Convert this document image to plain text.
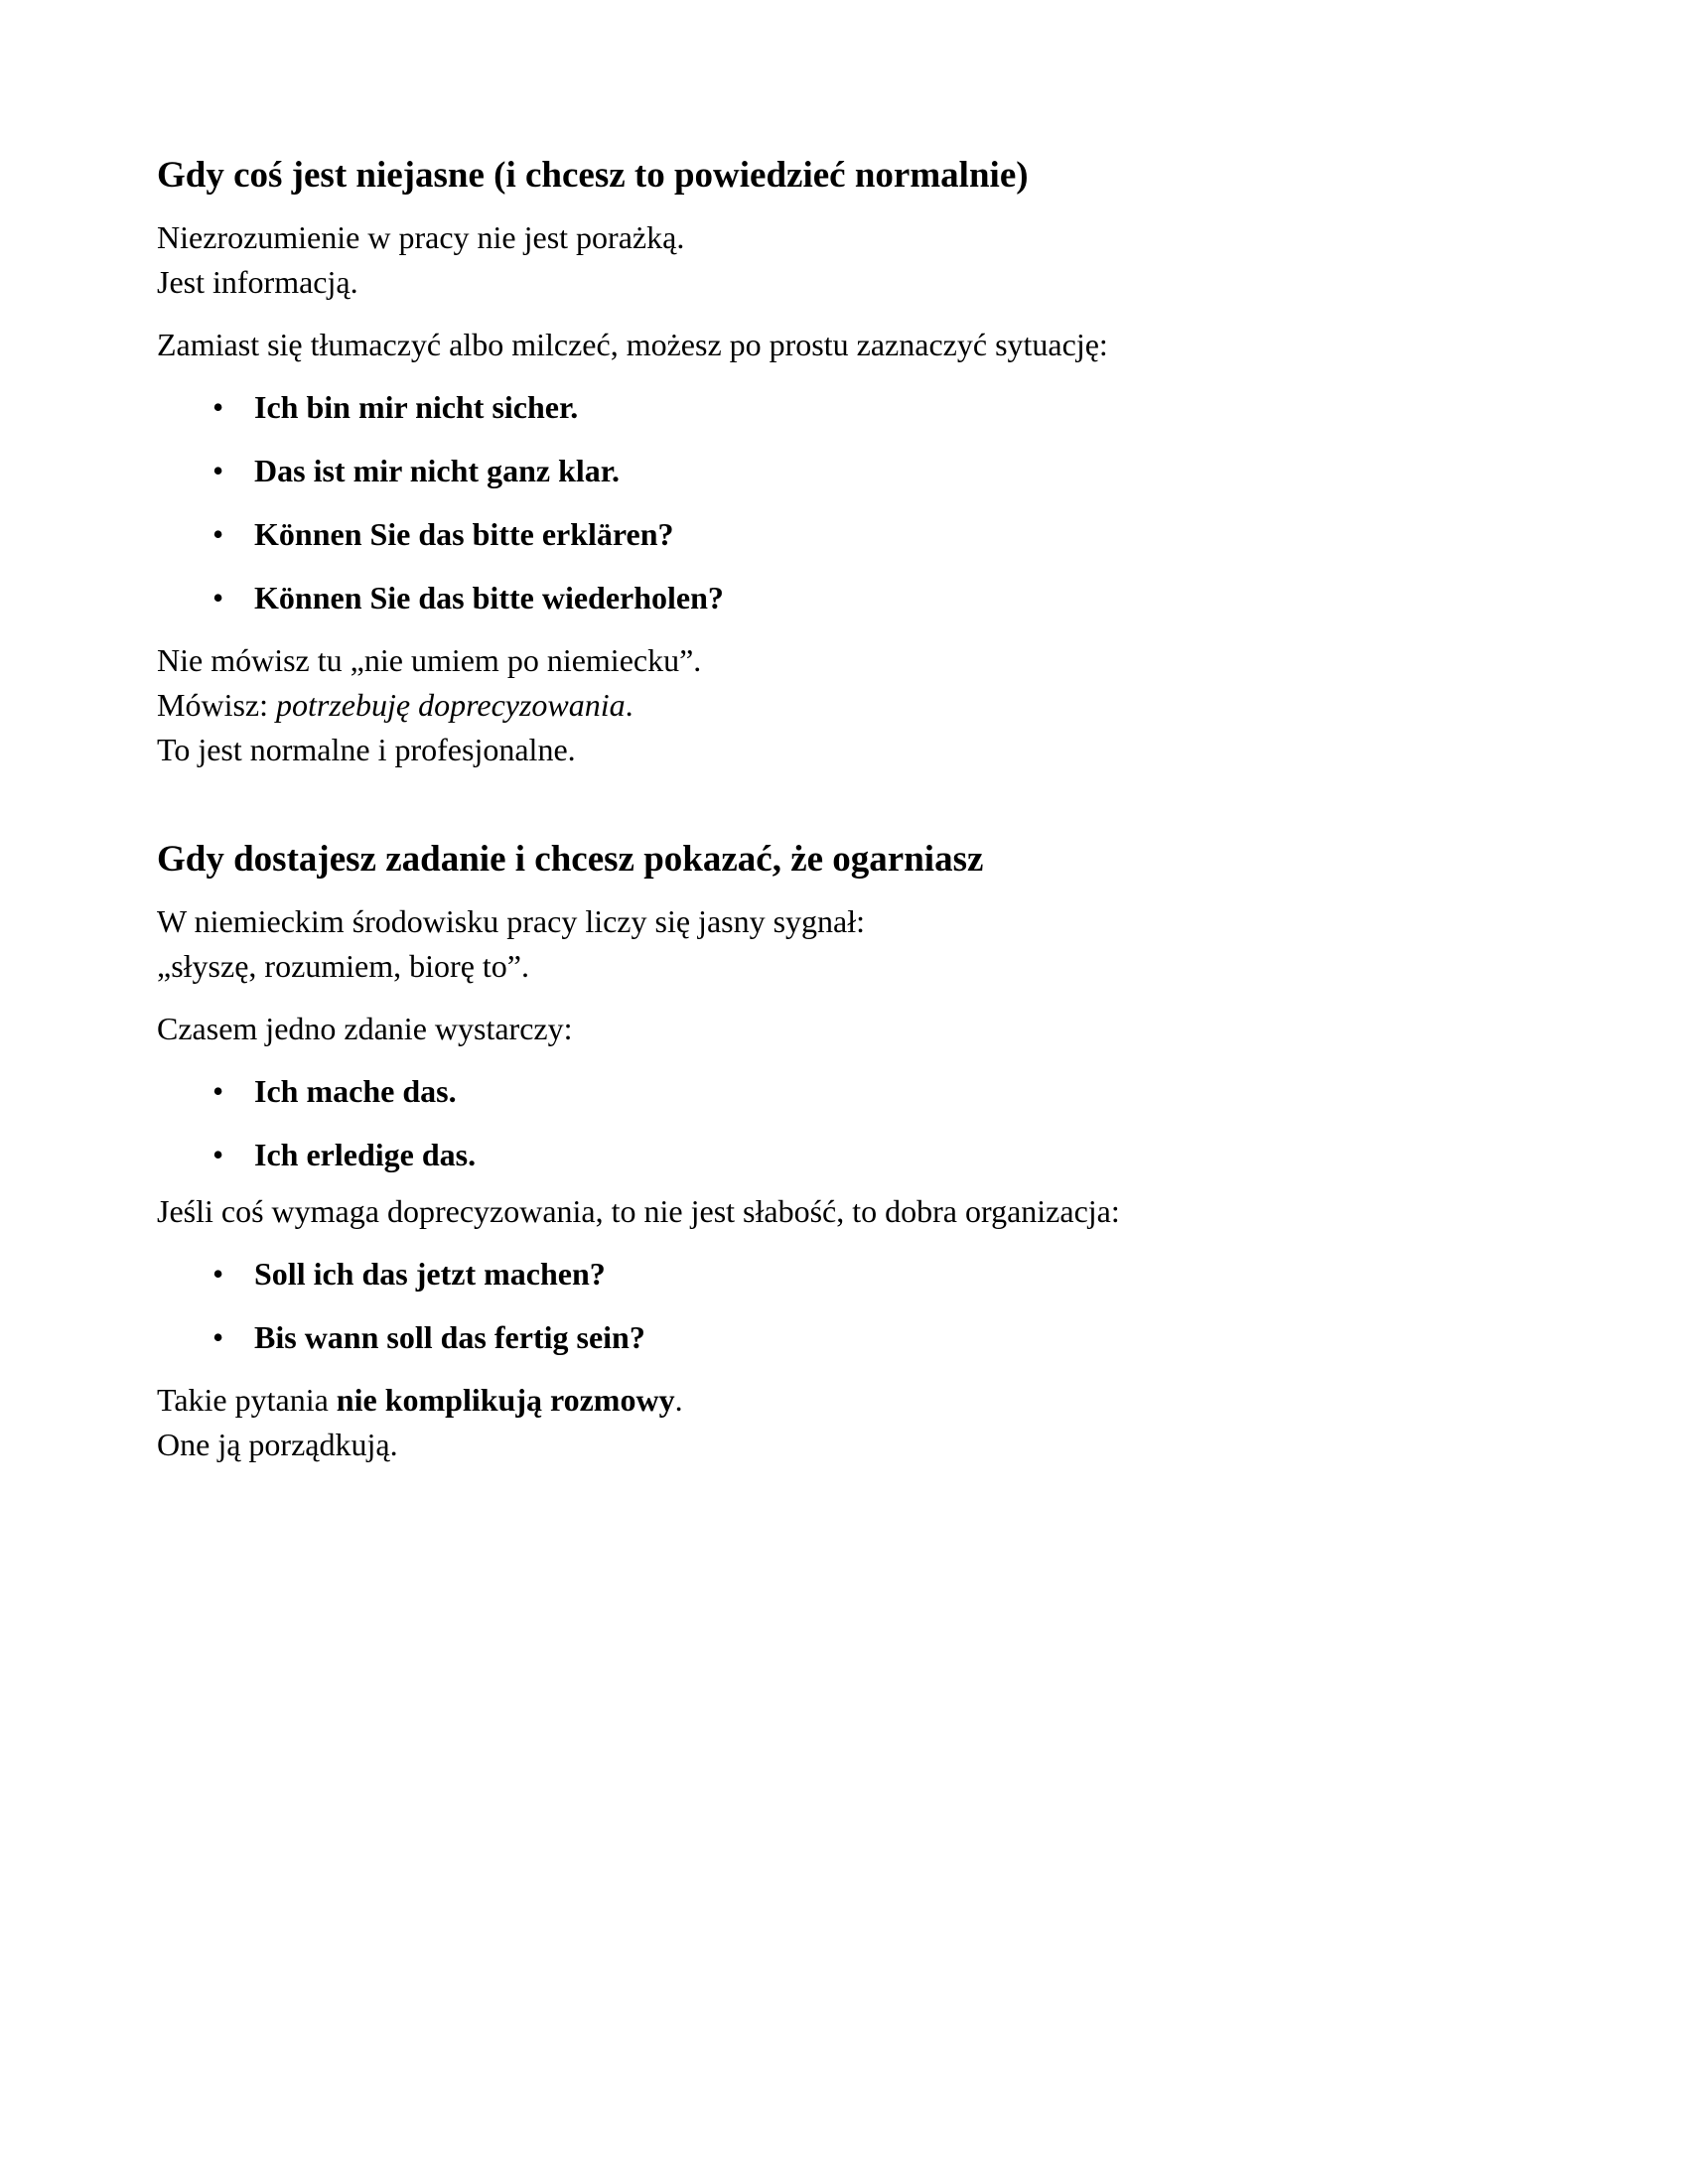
Gdy coś jest niejasne (i chcesz to powiedzieć normalnie)

Niezrozumienie w pracy nie jest porażką.
Jest informacją.

Zamiast się tłumaczyć albo milczeć, możesz po prostu zaznaczyć sytuację:

• Ich bin mir nicht sicher.
• Das ist mir nicht ganz klar.
• Können Sie das bitte erklären?
• Können Sie das bitte wiederholen?

Nie mówisz tu „nie umiem po niemiecku”.
Mówisz: potrzebuję doprecyzowania.
To jest normalne i profesjonalne.

Gdy dostajesz zadanie i chcesz pokazać, że ogarniasz

W niemieckim środowisku pracy liczy się jasny sygnał:
„słyszę, rozumiem, biorę to”.

Czasem jedno zdanie wystarczy:

• Ich mache das.
• Ich erledige das.

Jeśli coś wymaga doprecyzowania, to nie jest słabość, to dobra organizacja:

• Soll ich das jetzt machen?
• Bis wann soll das fertig sein?

Takie pytania nie komplikują rozmowy.
One ją porządkują.
